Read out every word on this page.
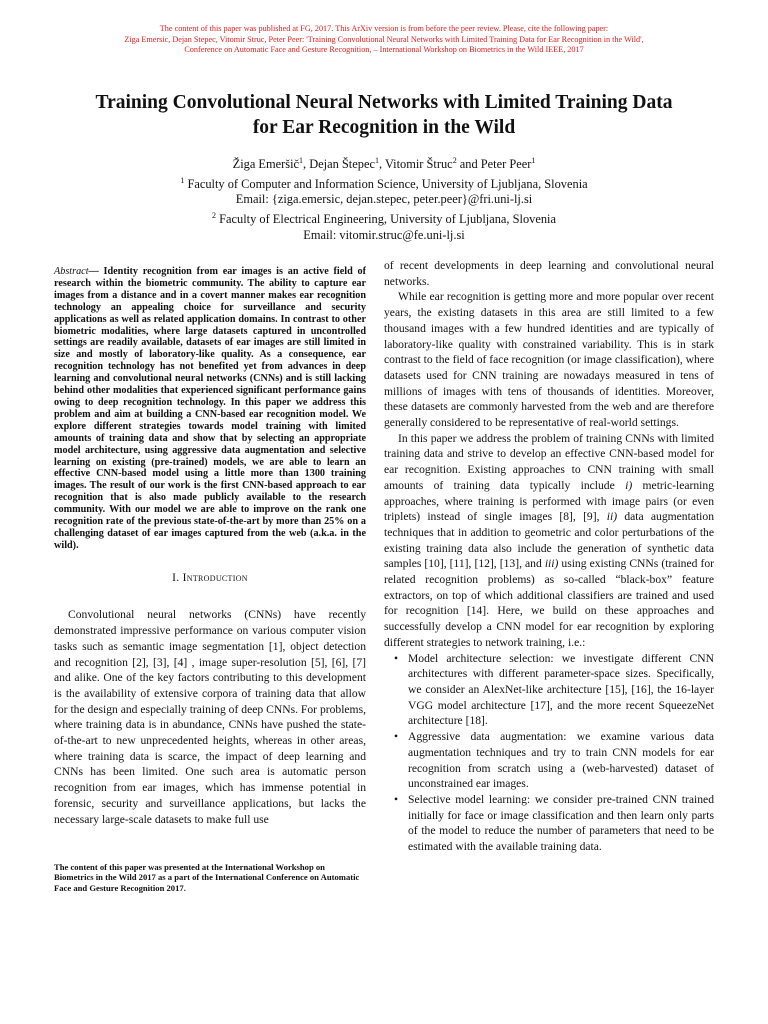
The content of this paper was published at FG, 2017. This ArXiv version is from before the peer review. Please, cite the following paper:
Ziga Emersic, Dejan Stepec, Vitomir Struc, Peter Peer: 'Training Convolutional Neural Networks with Limited Training Data for Ear Recognition in the Wild',
Conference on Automatic Face and Gesture Recognition, – International Workshop on Biometrics in the Wild IEEE, 2017
Training Convolutional Neural Networks with Limited Training Data
for Ear Recognition in the Wild
Žiga Emeršič$^1$, Dejan Štepec$^1$, Vitomir Štruc$^2$ and Peter Peer$^1$
$^1$ Faculty of Computer and Information Science, University of Ljubljana, Slovenia
Email: {ziga.emersic, dejan.stepec, peter.peer}@fri.uni-lj.si
$^2$ Faculty of Electrical Engineering, University of Ljubljana, Slovenia
Email: vitomir.struc@fe.uni-lj.si

Abstract— Identity recognition from ear images is an active field of research within the biometric community. The ability to capture ear images from a distance and in a covert manner makes ear recognition technology an appealing choice for surveillance and security applications as well as related application domains. In contrast to other biometric modalities, where large datasets captured in uncontrolled settings are readily available, datasets of ear images are still limited in size and mostly of laboratory-like quality. As a consequence, ear recognition technology has not benefited yet from advances in deep learning and convolutional neural networks (CNNs) and is still lacking behind other modalities that experienced significant performance gains owing to deep recognition technology. In this paper we address this problem and aim at building a CNN-based ear recognition model. We explore different strategies towards model training with limited amounts of training data and show that by selecting an appropriate model architecture, using aggressive data augmentation and selective learning on existing (pre-trained) models, we are able to learn an effective CNN-based model using a little more than 1300 training images. The result of our work is the first CNN-based approach to ear recognition that is also made publicly available to the research community. With our model we are able to improve on the rank one recognition rate of the previous state-of-the-art by more than 25% on a challenging dataset of ear images captured from the web (a.k.a. in the wild).

I. Introduction

Convolutional neural networks (CNNs) have recently demonstrated impressive performance on various computer vision tasks such as semantic image segmentation [1], object detection and recognition [2], [3], [4] , image super-resolution [5], [6], [7] and alike. One of the key factors contributing to this development is the availability of extensive corpora of training data that allow for the design and especially training of deep CNNs. For problems, where training data is in abundance, CNNs have pushed the state-of-the-art to new unprecedented heights, whereas in other areas, where training data is scarce, the impact of deep learning and CNNs has been limited. One such area is automatic person recognition from ear images, which has immense potential in forensic, security and surveillance applications, but lacks the necessary large-scale datasets to make full use

The content of this paper was presented at the International Workshop on Biometrics in the Wild 2017 as a part of the International Conference on Automatic Face and Gesture Recognition 2017.

of recent developments in deep learning and convolutional neural networks.

While ear recognition is getting more and more popular over recent years, the existing datasets in this area are still limited to a few thousand images with a few hundred identities and are typically of laboratory-like quality with constrained variability. This is in stark contrast to the field of face recognition (or image classification), where datasets used for CNN training are nowadays measured in tens of millions of images with tens of thousands of identities. Moreover, these datasets are commonly harvested from the web and are therefore generally considered to be representative of real-world settings.

In this paper we address the problem of training CNNs with limited training data and strive to develop an effective CNN-based model for ear recognition. Existing approaches to CNN training with small amounts of training data typically include i) metric-learning approaches, where training is performed with image pairs (or even triplets) instead of single images [8], [9], ii) data augmentation techniques that in addition to geometric and color perturbations of the existing training data also include the generation of synthetic data samples [10], [11], [12], [13], and iii) using existing CNNs (trained for related recognition problems) as so-called “black-box” feature extractors, on top of which additional classifiers are trained and used for recognition [14]. Here, we build on these approaches and successfully develop a CNN model for ear recognition by exploring different strategies to network training, i.e.:

• Model architecture selection: we investigate different CNN architectures with different parameter-space sizes. Specifically, we consider an AlexNet-like architecture [15], [16], the 16-layer VGG model architecture [17], and the more recent SqueezeNet architecture [18].
• Aggressive data augmentation: we examine various data augmentation techniques and try to train CNN models for ear recognition from scratch using a (web-harvested) dataset of unconstrained ear images.
• Selective model learning: we consider pre-trained CNN trained initially for face or image classification and then learn only parts of the model to reduce the number of parameters that need to be estimated with the available training data.
